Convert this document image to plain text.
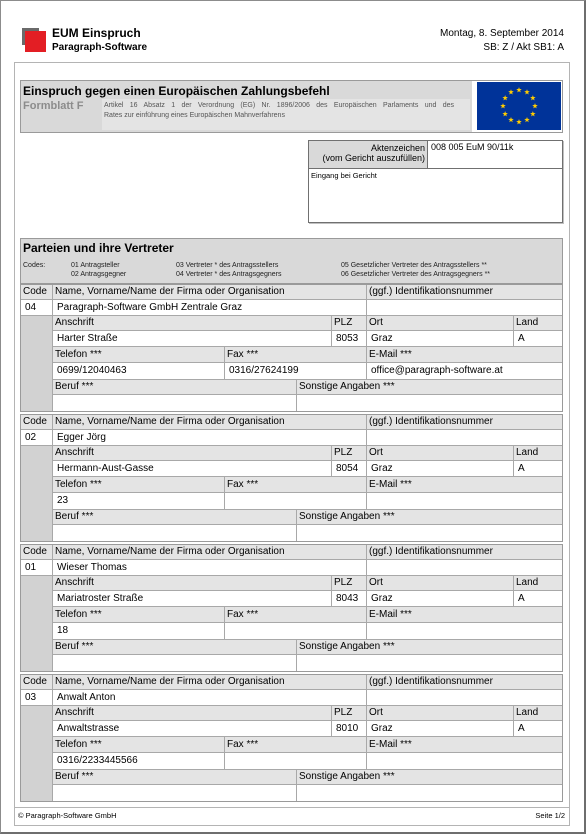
EUM Einspruch
Paragraph-Software
Montag, 8. September 2014
SB: Z / Akt SB1: A
Einspruch gegen einen Europäischen Zahlungsbefehl
Formblatt F	Artikel 16 Absatz 1 der Verordnung (EG) Nr. 1896/2006 des Europäischen Parlaments und des
Rates zur einführung eines Europäischen Mahnverfahrens
Aktenzeichen
(vom Gericht auszufüllen)
008 005 EuM 90/11k
Eingang bei Gericht
Parteien und ihre Vertreter
Codes:	01 Antragsteller
02 Antragsgegner
03 Vertreter * des Antragsstellers
04 Vertreter * des Antragsgegners
05 Gesetzlicher Vertreter des Antragsstellers **
06 Gesetzlicher Vertreter des Antragsgegners **
Code Name, Vorname/Name der Firma oder Organisation	(ggf.) Identifikationsnummer
04	Paragraph-Software GmbH Zentrale Graz
Anschrift	PLZ	Ort	Land
Harter Straße	8053	Graz	A
Telefon ***	Fax ***	E-Mail ***
0699/12040463	0316/27624199	office@paragraph-software.at
Beruf ***	Sonstige Angaben ***
Code Name, Vorname/Name der Firma oder Organisation	(ggf.) Identifikationsnummer
02	Egger Jörg
Anschrift	PLZ	Ort	Land
Hermann-Aust-Gasse	8054	Graz	A
Telefon ***	Fax ***	E-Mail ***
23
Beruf ***	Sonstige Angaben ***
Code Name, Vorname/Name der Firma oder Organisation	(ggf.) Identifikationsnummer
01	Wieser Thomas
Anschrift	PLZ	Ort	Land
Mariatroster Straße	8043	Graz	A
Telefon ***	Fax ***	E-Mail ***
18
Beruf ***	Sonstige Angaben ***
Code Name, Vorname/Name der Firma oder Organisation	(ggf.) Identifikationsnummer
03	Anwalt Anton
Anschrift	PLZ	Ort	Land
Anwaltstrasse	8010	Graz	A
Telefon ***	Fax ***	E-Mail ***
0316/2233445566
Beruf ***	Sonstige Angaben ***
© Paragraph-Software GmbH	Seite 1/2
